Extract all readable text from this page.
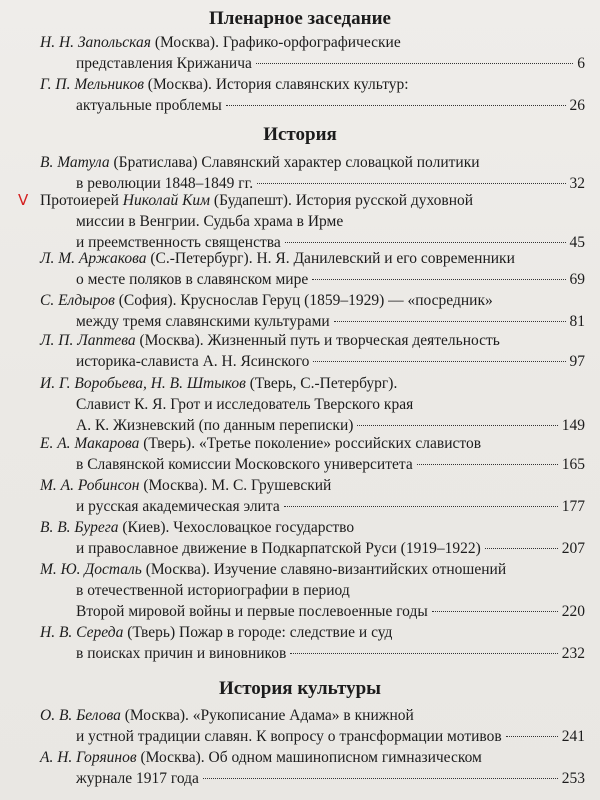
Пленарное заседание
Н. Н. Запольская (Москва). Графико-орфографические
представления Крижанича	6
Г. П. Мельников (Москва). История славянских культур:
актуальные проблемы	26
История
В. Матула (Братислава) Славянский характер словацкой политики
в революции 1848–1849 гг.	32
V Протоиерей Николай Ким (Будапешт). История русской духовной
миссии в Венгрии. Судьба храма в Ирме
и преемственность священства	45
Л. М. Аржакова (С.-Петербург). Н. Я. Данилевский и его современники
о месте поляков в славянском мире	69
С. Елдыров (София). Круснослав Геруц (1859–1929) — «посредник»
между тремя славянскими культурами	81
Л. П. Лаптева (Москва). Жизненный путь и творческая деятельность
историка-слависта А. Н. Ясинского	97
И. Г. Воробьева, Н. В. Штыков (Тверь, С.-Петербург).
Славист К. Я. Грот и исследователь Тверского края
А. К. Жизневский (по данным переписки)	149
Е. А. Макарова (Тверь). «Третье поколение» российских славистов
в Славянской комиссии Московского университета	165
М. А. Робинсон (Москва). М. С. Грушевский
и русская академическая элита	177
В. В. Бурега (Киев). Чехословацкое государство
и православное движение в Подкарпатской Руси (1919–1922)	207
М. Ю. Досталь (Москва). Изучение славяно-византийских отношений
в отечественной историографии в период
Второй мировой войны и первые послевоенные годы	220
Н. В. Середа (Тверь) Пожар в городе: следствие и суд
в поисках причин и виновников	232
История культуры
О. В. Белова (Москва). «Рукописание Адама» в книжной
и устной традиции славян. К вопросу о трансформации мотивов	241
А. Н. Горяинов (Москва). Об одном машинописном гимназическом
журнале 1917 года	253
